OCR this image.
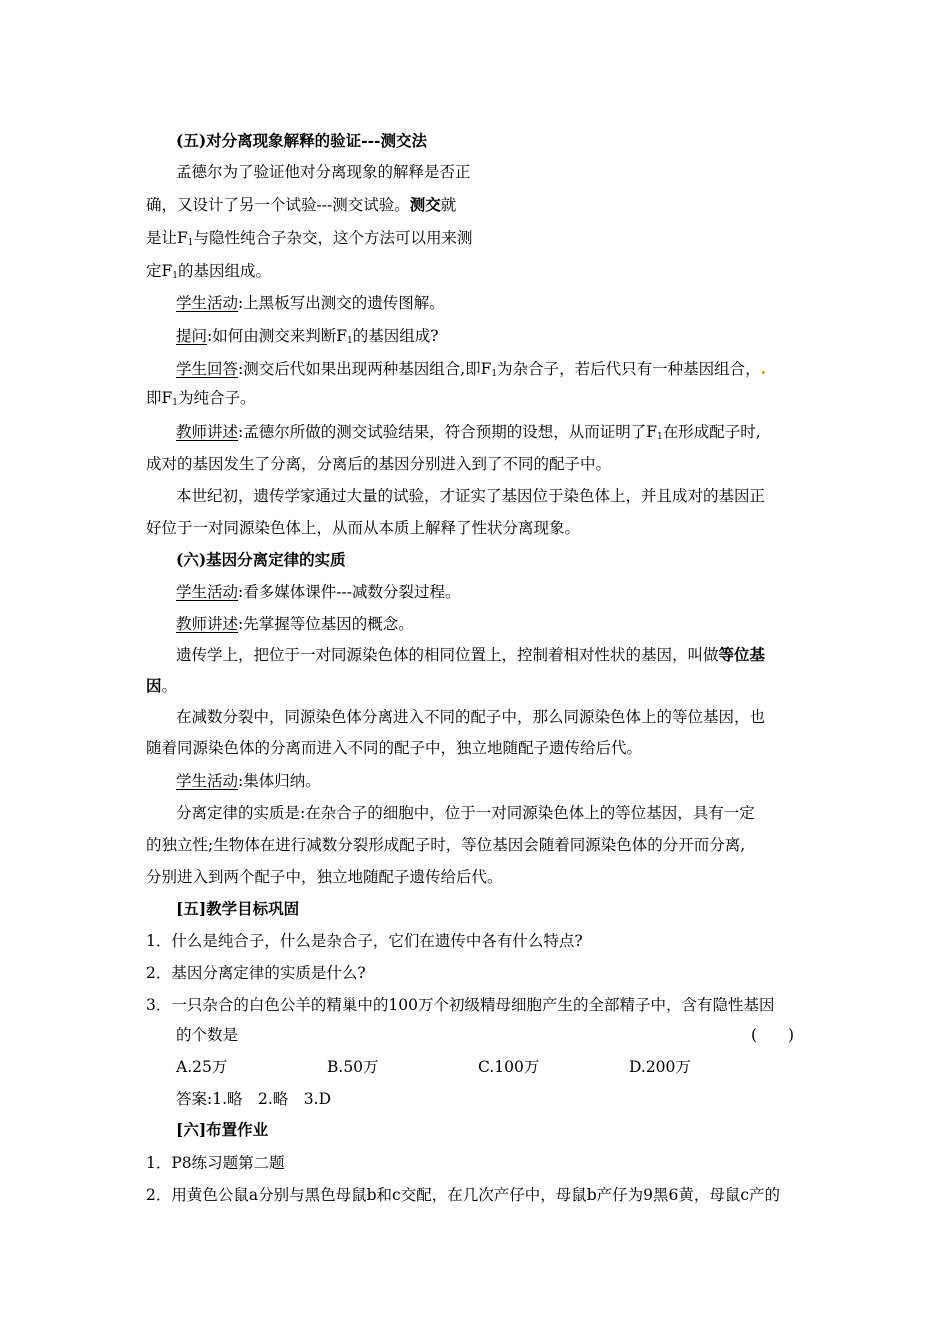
(五)对分离现象解释的验证---测交法
孟德尔为了验证他对分离现象的解释是否正
确，又设计了另一个试验---测交试验。测交就
是让$F_1$与隐性纯合子杂交，这个方法可以用来测
定$F_1$的基因组成。
学生活动:上黑板写出测交的遗传图解。
提问:如何由测交来判断$F_1$的基因组成?
学生回答:测交后代如果出现两种基因组合,即$F_1$为杂合子，若后代只有一种基因组合，.
即$F_1$为纯合子。
教师讲述:孟德尔所做的测交试验结果，符合预期的设想，从而证明了$F_1$在形成配子时,
成对的基因发生了分离，分离后的基因分别进入到了不同的配子中。
本世纪初，遗传学家通过大量的试验，才证实了基因位于染色体上，并且成对的基因正
好位于一对同源染色体上，从而从本质上解释了性状分离现象。
(六)基因分离定律的实质
学生活动:看多媒体课件---减数分裂过程。
教师讲述:先掌握等位基因的概念。
遗传学上，把位于一对同源染色体的相同位置上，控制着相对性状的基因，叫做等位基
因。
在减数分裂中，同源染色体分离进入不同的配子中，那么同源染色体上的等位基因，也
随着同源染色体的分离而进入不同的配子中，独立地随配子遗传给后代。
学生活动:集体归纳。
分离定律的实质是:在杂合子的细胞中，位于一对同源染色体上的等位基因，具有一定
的独立性;生物体在进行减数分裂形成配子时，等位基因会随着同源染色体的分开而分离,
分别进入到两个配子中，独立地随配子遗传给后代。
[五]教学目标巩固
1．什么是纯合子，什么是杂合子，它们在遗传中各有什么特点?
2．基因分离定律的实质是什么?
3．一只杂合的白色公羊的精巢中的100万个初级精母细胞产生的全部精子中，含有隐性基因
的个数是	(　　)
A.25万	B.50万	C.100万	D.200万
答案:1.略　2.略　3.D
[六]布置作业
1．P8练习题第二题
2．用黄色公鼠a分别与黑色母鼠b和c交配，在几次产仔中，母鼠b产仔为9黑6黄，母鼠c产的
